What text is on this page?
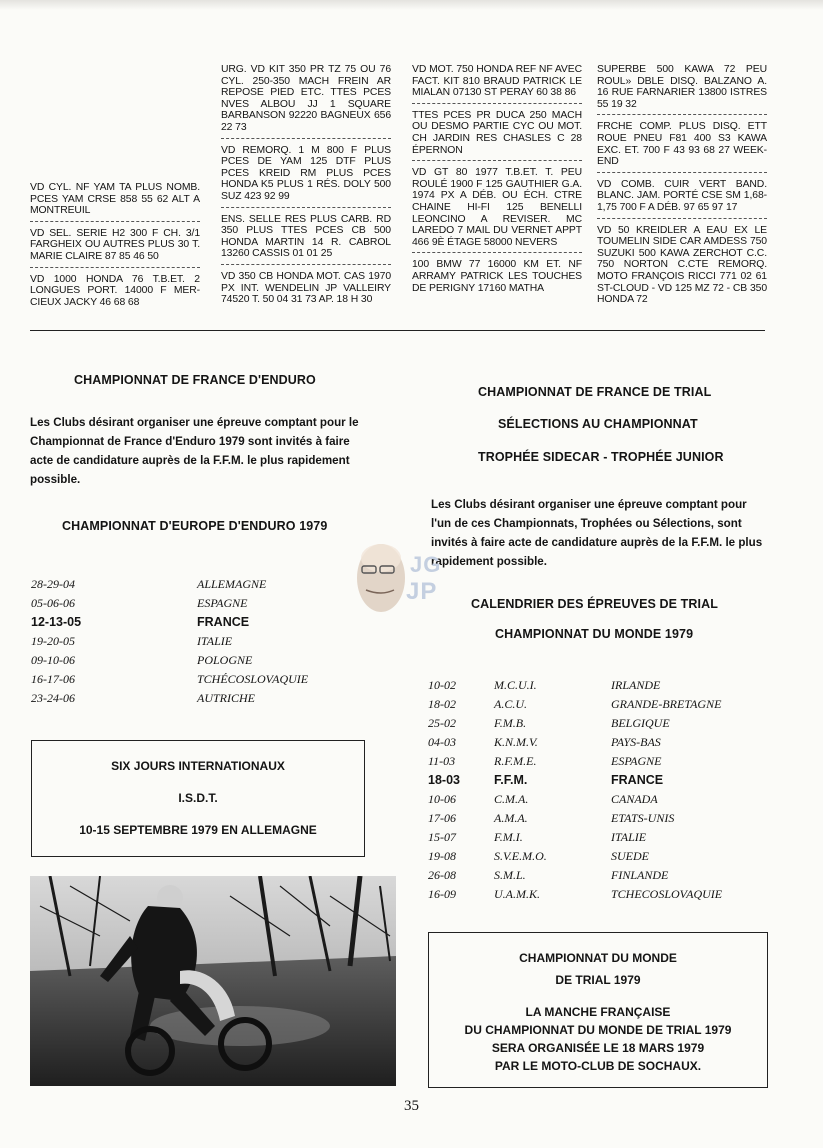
VD CYL. NF YAM TA PLUS NOMB. PCES YAM CRSE 858 55 62 ALT A MONTREUIL
VD SEL. SERIE H2 300 F CH. 3/1 FARGHEIX OU AUTRES PLUS 30 T. MARIE CLAIRE 87 85 46 50
VD 1000 HONDA 76 T.B.ET. 2 LONGUES PORT. 14000 F MER-CIEUX JACKY 46 68 68
URG. VD KIT 350 PR TZ 75 OU 76 CYL. 250-350 MACH FREIN AR REPOSE PIED ETC. TTES PCES NVES ALBOU JJ 1 SQUARE BARBANSON 92220 BAGNEUX 656 22 73
VD REMORQ. 1 M 800 F PLUS PCES DE YAM 125 DTF PLUS PCES KREID RM PLUS PCES HONDA K5 PLUS 1 RÉS. DOLY 500 SUZ 423 92 99
ENS. SELLE RES PLUS CARB. RD 350 PLUS TTES PCES CB 500 HONDA MARTIN 14 R. CABROL 13260 CASSIS 01 01 25
VD 350 CB HONDA MOT. CAS 1970 PX INT. WENDELIN JP VALLEIRY 74520 T. 50 04 31 73 AP. 18 H 30
VD MOT. 750 HONDA REF NF AVEC FACT. KIT 810 BRAUD PATRICK LE MIALAN 07130 ST PERAY 60 38 86
TTES PCES PR DUCA 250 MACH OU DESMO PARTIE CYC OU MOT. CH JARDIN RES CHASLES C 28 ÉPERNON
VD GT 80 1977 T.B.ET. T. PEU ROULÉ 1900 F 125 GAUTHIER G.A. 1974 PX A DÉB. OU ÉCH. CTRE CHAINE HI-FI 125 BENELLI LEONCINO A REVISER. MC LAREDO 7 MAIL DU VERNET APPT 466 9È ÉTAGE 58000 NEVERS
100 BMW 77 16000 KM ET. NF ARRAMY PATRICK LES TOUCHES DE PERIGNY 17160 MATHA
SUPERBE 500 KAWA 72 PEU ROUL» DBLE DISQ. BALZANO A. 16 RUE FARNARIER 13800 ISTRES 55 19 32
FRCHE COMP. PLUS DISQ. ETT ROUE PNEU F81 400 S3 KAWA EXC. ET. 700 F 43 93 68 27 WEEK-END
VD COMB. CUIR VERT BAND. BLANC. JAM. PORTÉ CSE SM 1,68-1,75 700 F A DÉB. 97 65 97 17
VD 50 KREIDLER A EAU EX LE TOUMELIN SIDE CAR AMDESS 750 SUZUKI 500 KAWA ZERCHOT C.C. 750 NORTON C.CTE REMORQ. MOTO FRANÇOIS RICCI 771 02 61 ST-CLOUD - VD 125 MZ 72 - CB 350 HONDA 72
CHAMPIONNAT DE FRANCE D'ENDURO

Les Clubs désirant organiser une épreuve comptant pour le Championnat de France d'Enduro 1979 sont invités à faire acte de candidature auprès de la F.F.M. le plus rapidement possible.

CHAMPIONNAT D'EUROPE D'ENDURO 1979
28-29-04	ALLEMAGNE
05-06-06	ESPAGNE
12-13-05	FRANCE
19-20-05	ITALIE
09-10-06	POLOGNE
16-17-06	TCHÉCOSLOVAQUIE
23-24-06	AUTRICHE
SIX JOURS INTERNATIONAUX
I.S.D.T.
10-15 SEPTEMBRE 1979 EN ALLEMAGNE
CHAMPIONNAT DE FRANCE DE TRIAL
SÉLECTIONS AU CHAMPIONNAT
TROPHÉE SIDECAR - TROPHÉE JUNIOR

Les Clubs désirant organiser une épreuve comptant pour l'un de ces Championnats, Trophées ou Sélections, sont invités à faire acte de candidature auprès de la F.F.M. le plus rapidement possible.

JG
JP	CALENDRIER DES ÉPREUVES DE TRIAL
CHAMPIONNAT DU MONDE 1979
10-02	M.C.U.I.	IRLANDE
18-02	A.C.U.	GRANDE-BRETAGNE
25-02	F.M.B.	BELGIQUE
04-03	K.N.M.V.	PAYS-BAS
11-03	R.F.M.E.	ESPAGNE
18-03	F.F.M.	FRANCE
10-06	C.M.A.	CANADA
17-06	A.M.A.	ETATS-UNIS
15-07	F.M.I.	ITALIE
19-08	S.V.E.M.O.	SUEDE
26-08	S.M.L.	FINLANDE
16-09	U.A.M.K.	TCHECOSLOVAQUIE
CHAMPIONNAT DU MONDE
DE TRIAL 1979
LA MANCHE FRANÇAISE
DU CHAMPIONNAT DU MONDE DE TRIAL 1979
SERA ORGANISÉE LE 18 MARS 1979
PAR LE MOTO-CLUB DE SOCHAUX.
35
